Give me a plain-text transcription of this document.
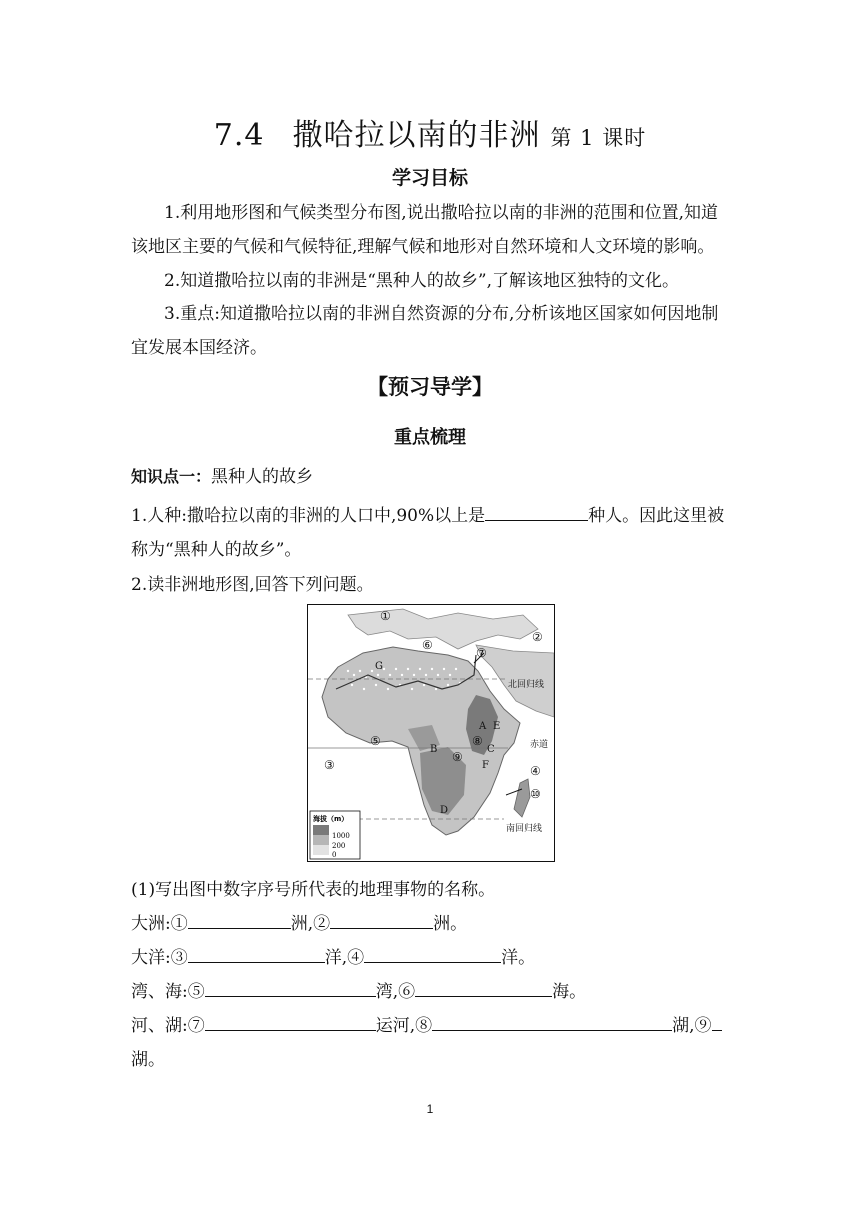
7.4 撒哈拉以南的非洲 第 1 课时
学习目标
1.利用地形图和气候类型分布图,说出撒哈拉以南的非洲的范围和位置,知道
该地区主要的气候和气候特征,理解气候和地形对自然环境和人文环境的影响。
2.知道撒哈拉以南的非洲是“黑种人的故乡”,了解该地区独特的文化。
3.重点:知道撒哈拉以南的非洲自然资源的分布,分析该地区国家如何因地制
宜发展本国经济。
【预习导学】
重点梳理
知识点一：黑种人的故乡
1.人种:撒哈拉以南的非洲的人口中,90%以上是	种人。因此这里被
称为“黑种人的故乡”。
2.读非洲地形图,回答下列问题。
①
②
③	④
⑤
⑥
⑦
⑧
⑨
⑩
A
B	C
D
E
F
G
北回归线
赤道
南回归线
海拔（m）
1000
200
0
(1)写出图中数字序号所代表的地理事物的名称。
大洲:①	洲,②	洲。
大洋:③	洋,④	洋。
湾、海:⑤	湾,⑥	海。
河、湖:⑦	运河,⑧	湖,⑨
湖。
1
